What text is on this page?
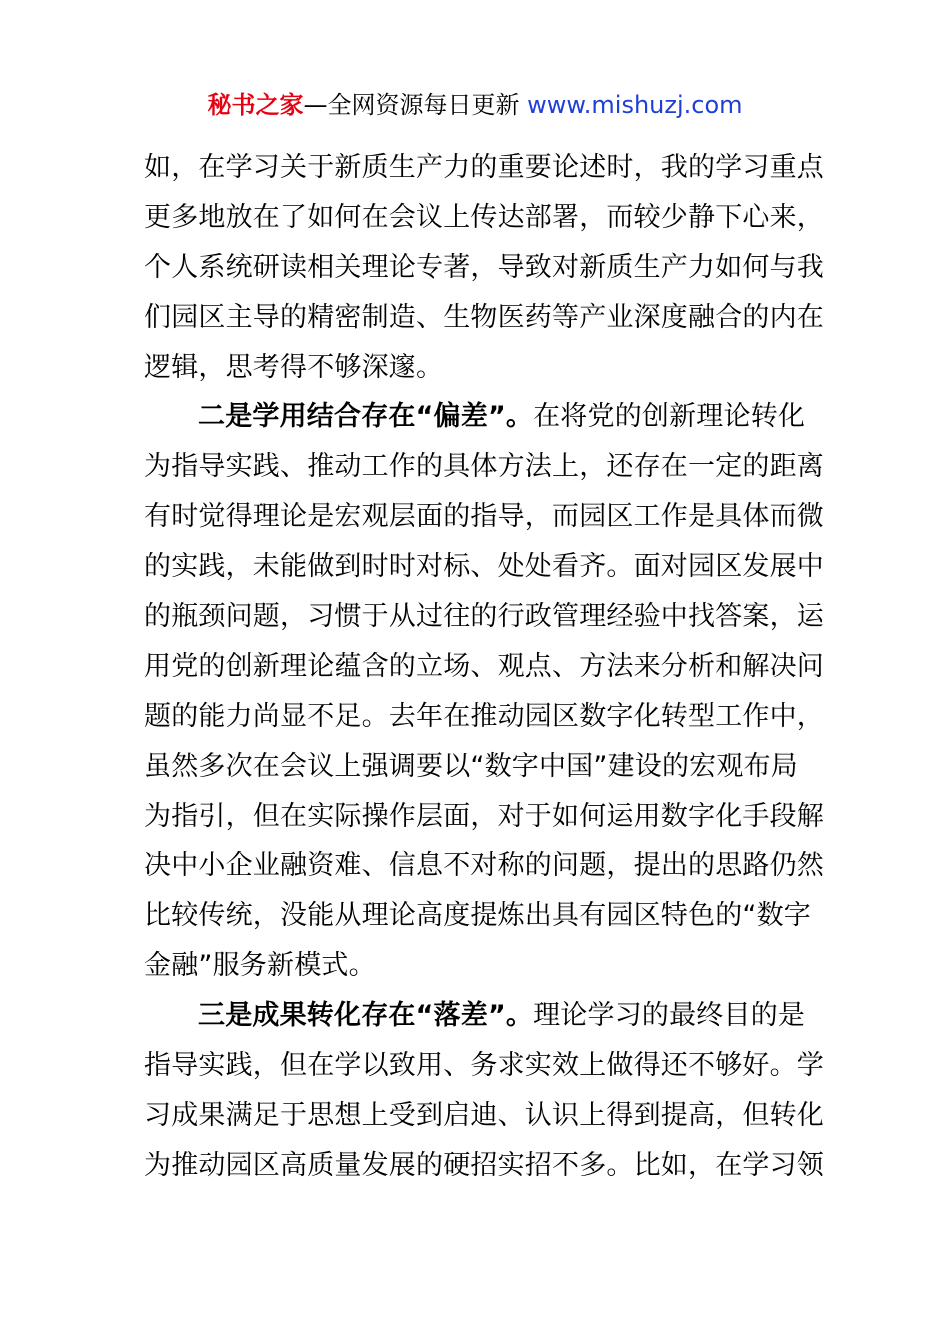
秘书之家—全网资源每日更新 www.mishuzj.com
如，在学习关于新质生产力的重要论述时，我的学习重点
更多地放在了如何在会议上传达部署，而较少静下心来，
个人系统研读相关理论专著，导致对新质生产力如何与我
们园区主导的精密制造、生物医药等产业深度融合的内在
逻辑，思考得不够深邃。
二是学用结合存在“偏差”。在将党的创新理论转化
为指导实践、推动工作的具体方法上，还存在一定的距离
有时觉得理论是宏观层面的指导，而园区工作是具体而微
的实践，未能做到时时对标、处处看齐。面对园区发展中
的瓶颈问题，习惯于从过往的行政管理经验中找答案，运
用党的创新理论蕴含的立场、观点、方法来分析和解决问
题的能力尚显不足。去年在推动园区数字化转型工作中，
虽然多次在会议上强调要以“数字中国”建设的宏观布局
为指引，但在实际操作层面，对于如何运用数字化手段解
决中小企业融资难、信息不对称的问题，提出的思路仍然
比较传统，没能从理论高度提炼出具有园区特色的“数字
金融”服务新模式。
三是成果转化存在“落差”。理论学习的最终目的是
指导实践，但在学以致用、务求实效上做得还不够好。学
习成果满足于思想上受到启迪、认识上得到提高，但转化
为推动园区高质量发展的硬招实招不多。比如，在学习领
